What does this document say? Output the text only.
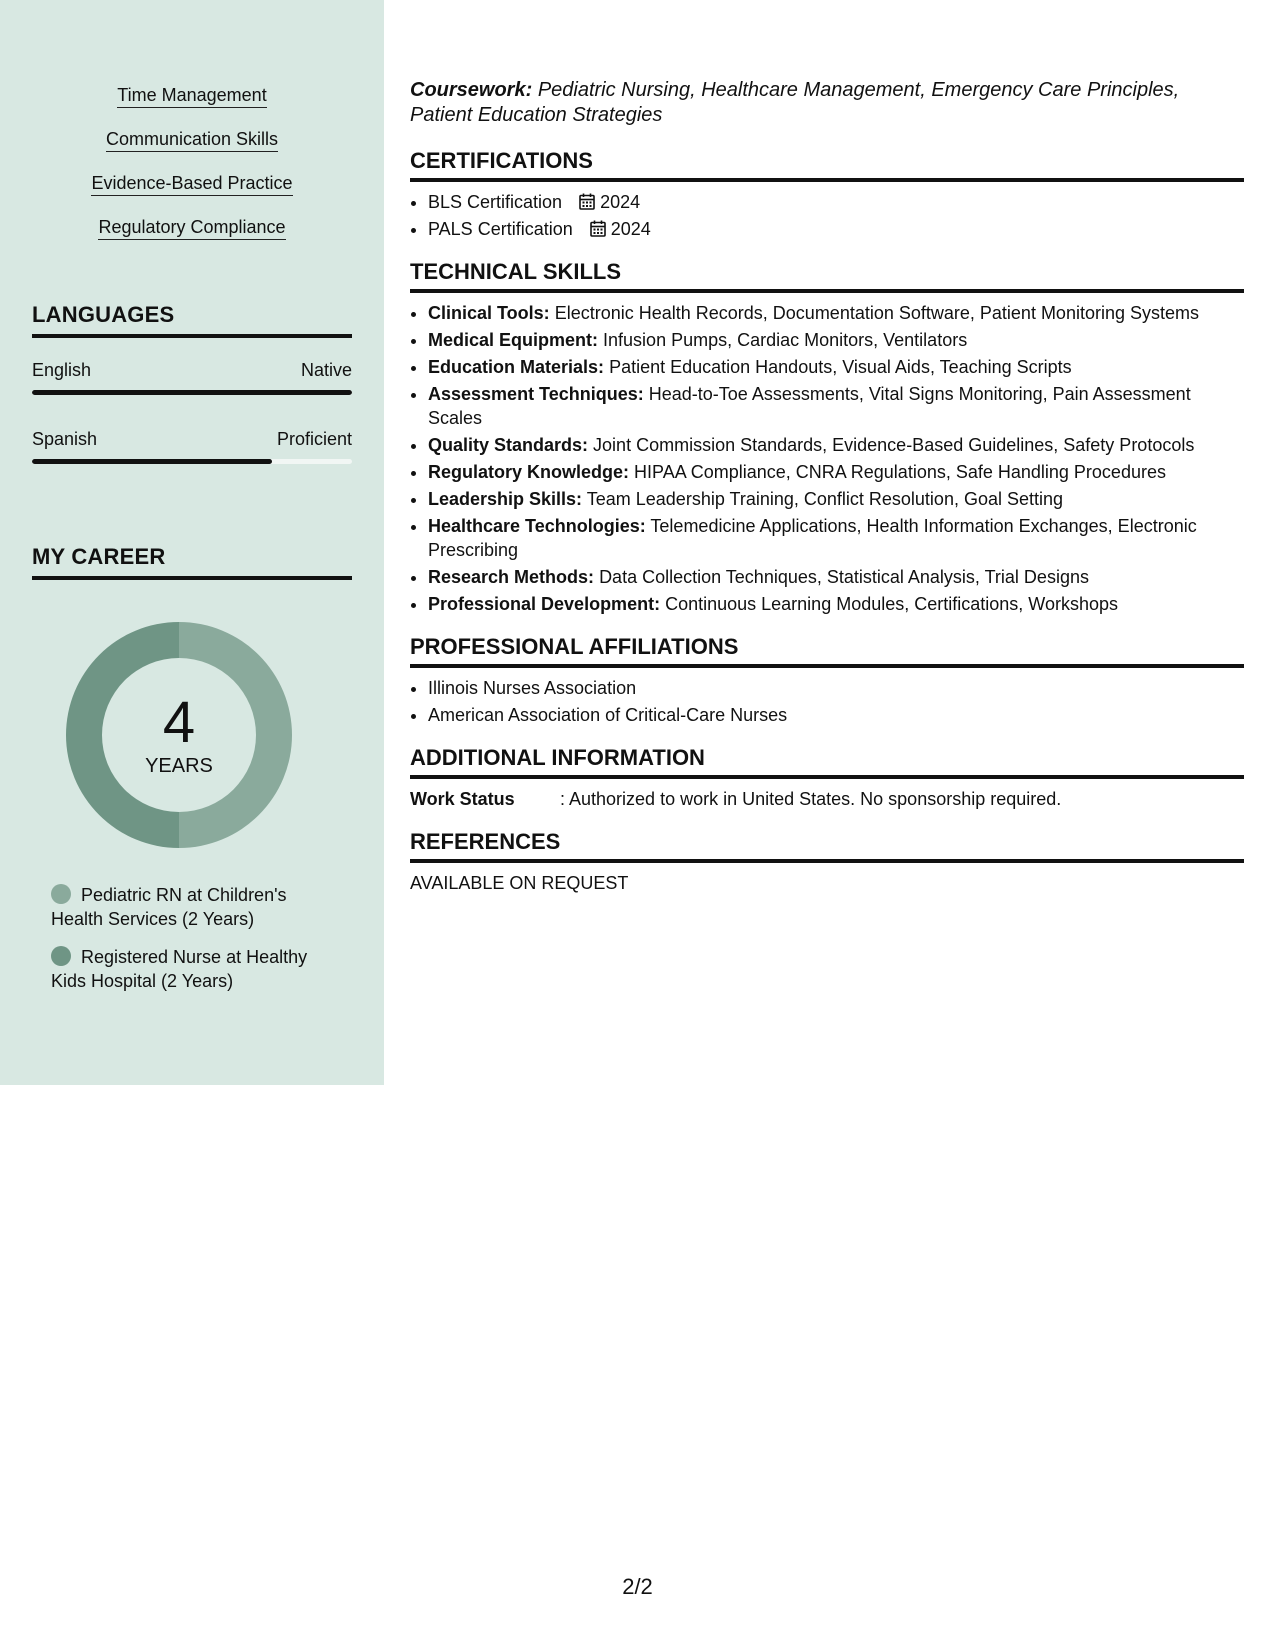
Time Management
Communication Skills
Evidence-Based Practice
Regulatory Compliance
LANGUAGES
English	Native
Spanish	Proficient
MY CAREER
4
YEARS
Pediatric RN at Children's Health Services (2 Years)
Registered Nurse at Healthy Kids Hospital (2 Years)

Coursework: Pediatric Nursing, Healthcare Management, Emergency Care Principles, Patient Education Strategies

CERTIFICATIONS
• BLS Certification 2024
• PALS Certification 2024
TECHNICAL SKILLS
• Clinical Tools: Electronic Health Records, Documentation Software, Patient Monitoring Systems
• Medical Equipment: Infusion Pumps, Cardiac Monitors, Ventilators
• Education Materials: Patient Education Handouts, Visual Aids, Teaching Scripts
• Assessment Techniques: Head-to-Toe Assessments, Vital Signs Monitoring, Pain Assessment Scales
• Quality Standards: Joint Commission Standards, Evidence-Based Guidelines, Safety Protocols
• Regulatory Knowledge: HIPAA Compliance, CNRA Regulations, Safe Handling Procedures
• Leadership Skills: Team Leadership Training, Conflict Resolution, Goal Setting
• Healthcare Technologies: Telemedicine Applications, Health Information Exchanges, Electronic Prescribing
• Research Methods: Data Collection Techniques, Statistical Analysis, Trial Designs
• Professional Development: Continuous Learning Modules, Certifications, Workshops
PROFESSIONAL AFFILIATIONS
• Illinois Nurses Association
• American Association of Critical-Care Nurses
ADDITIONAL INFORMATION
Work Status	: Authorized to work in United States. No sponsorship required.
REFERENCES
AVAILABLE ON REQUEST
2/2
